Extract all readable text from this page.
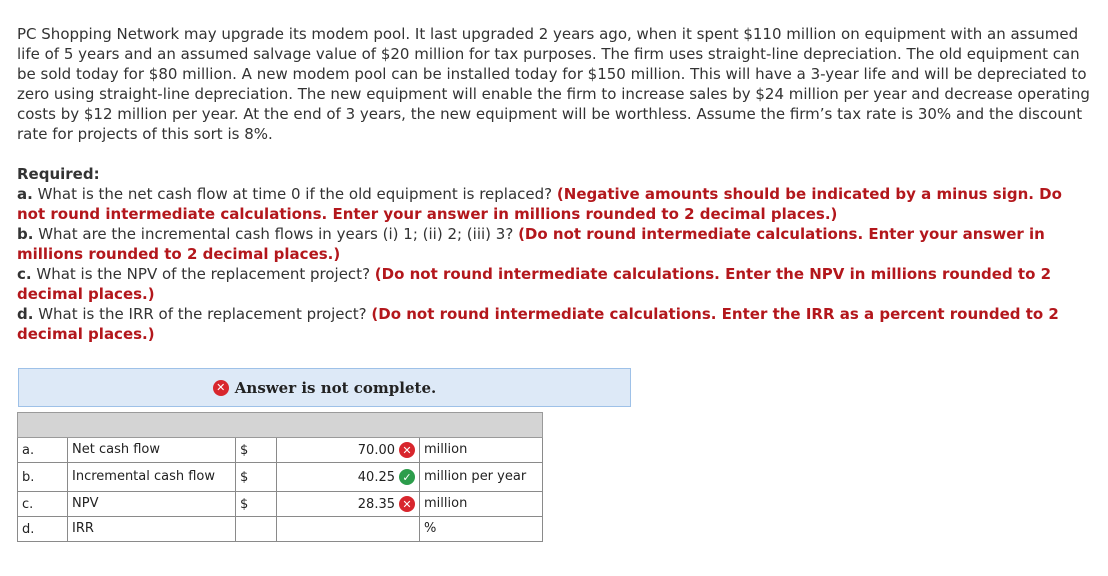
PC Shopping Network may upgrade its modem pool. It last upgraded 2 years ago, when it spent $110 million on equipment with an assumed life of 5 years and an assumed salvage value of $20 million for tax purposes. The firm uses straight-line depreciation. The old equipment can be sold today for $80 million. A new modem pool can be installed today for $150 million. This will have a 3-year life and will be depreciated to zero using straight-line depreciation. The new equipment will enable the firm to increase sales by $24 million per year and decrease operating costs by $12 million per year. At the end of 3 years, the new equipment will be worthless. Assume the firm’s tax rate is 30% and the discount rate for projects of this sort is 8%.
Required:
a. What is the net cash flow at time 0 if the old equipment is replaced? (Negative amounts should be indicated by a minus sign. Do not round intermediate calculations. Enter your answer in millions rounded to 2 decimal places.)
b. What are the incremental cash flows in years (i) 1; (ii) 2; (iii) 3? (Do not round intermediate calculations. Enter your answer in millions rounded to 2 decimal places.)
c. What is the NPV of the replacement project? (Do not round intermediate calculations. Enter the NPV in millions rounded to 2 decimal places.)
d. What is the IRR of the replacement project? (Do not round intermediate calculations. Enter the IRR as a percent rounded to 2 decimal places.)
✕ Answer is not complete.

a.	Net cash flow	$	70.00 ✕	million
b.	Incremental cash flow	$	40.25 ✓	million per year
c.	NPV	$	28.35 ✕	million
d.	IRR			%
